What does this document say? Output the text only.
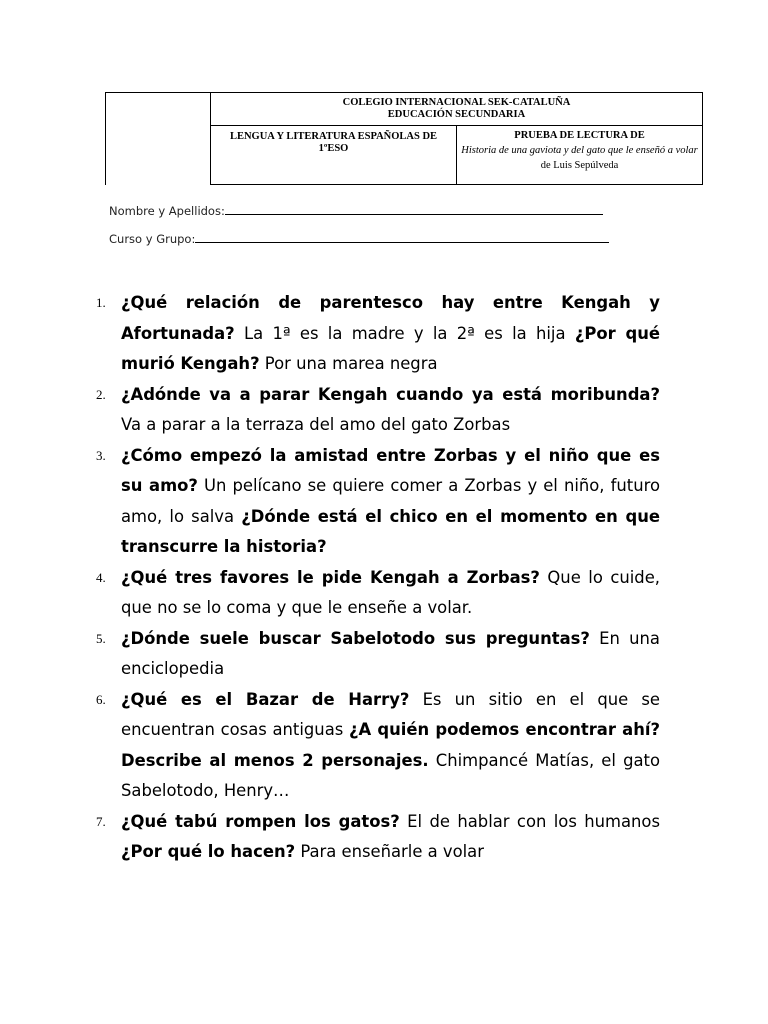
COLEGIO INTERNACIONAL SEK-CATALUÑA
EDUCACIÓN SECUNDARIA
LENGUA Y LITERATURA ESPAÑOLAS DE 1ºESO
PRUEBA DE LECTURA DE
Historia de una gaviota y del gato que le enseñó a volar de Luis Sepúlveda
Nombre y Apellidos:
Curso y Grupo:
1. ¿Qué relación de parentesco hay entre Kengah y Afortunada? La 1ª es la madre y la 2ª es la hija ¿Por qué murió Kengah? Por una marea negra
2. ¿Adónde va a parar Kengah cuando ya está moribunda? Va a parar a la terraza del amo del gato Zorbas
3. ¿Cómo empezó la amistad entre Zorbas y el niño que es su amo? Un pelícano se quiere comer a Zorbas y el niño, futuro amo, lo salva ¿Dónde está el chico en el momento en que transcurre la historia?
4. ¿Qué tres favores le pide Kengah a Zorbas? Que lo cuide, que no se lo coma y que le enseñe a volar.
5. ¿Dónde suele buscar Sabelotodo sus preguntas? En una enciclopedia
6. ¿Qué es el Bazar de Harry? Es un sitio en el que se encuentran cosas antiguas ¿A quién podemos encontrar ahí? Describe al menos 2 personajes. Chimpancé Matías, el gato Sabelotodo, Henry…
7. ¿Qué tabú rompen los gatos? El de hablar con los humanos ¿Por qué lo hacen? Para enseñarle a volar
